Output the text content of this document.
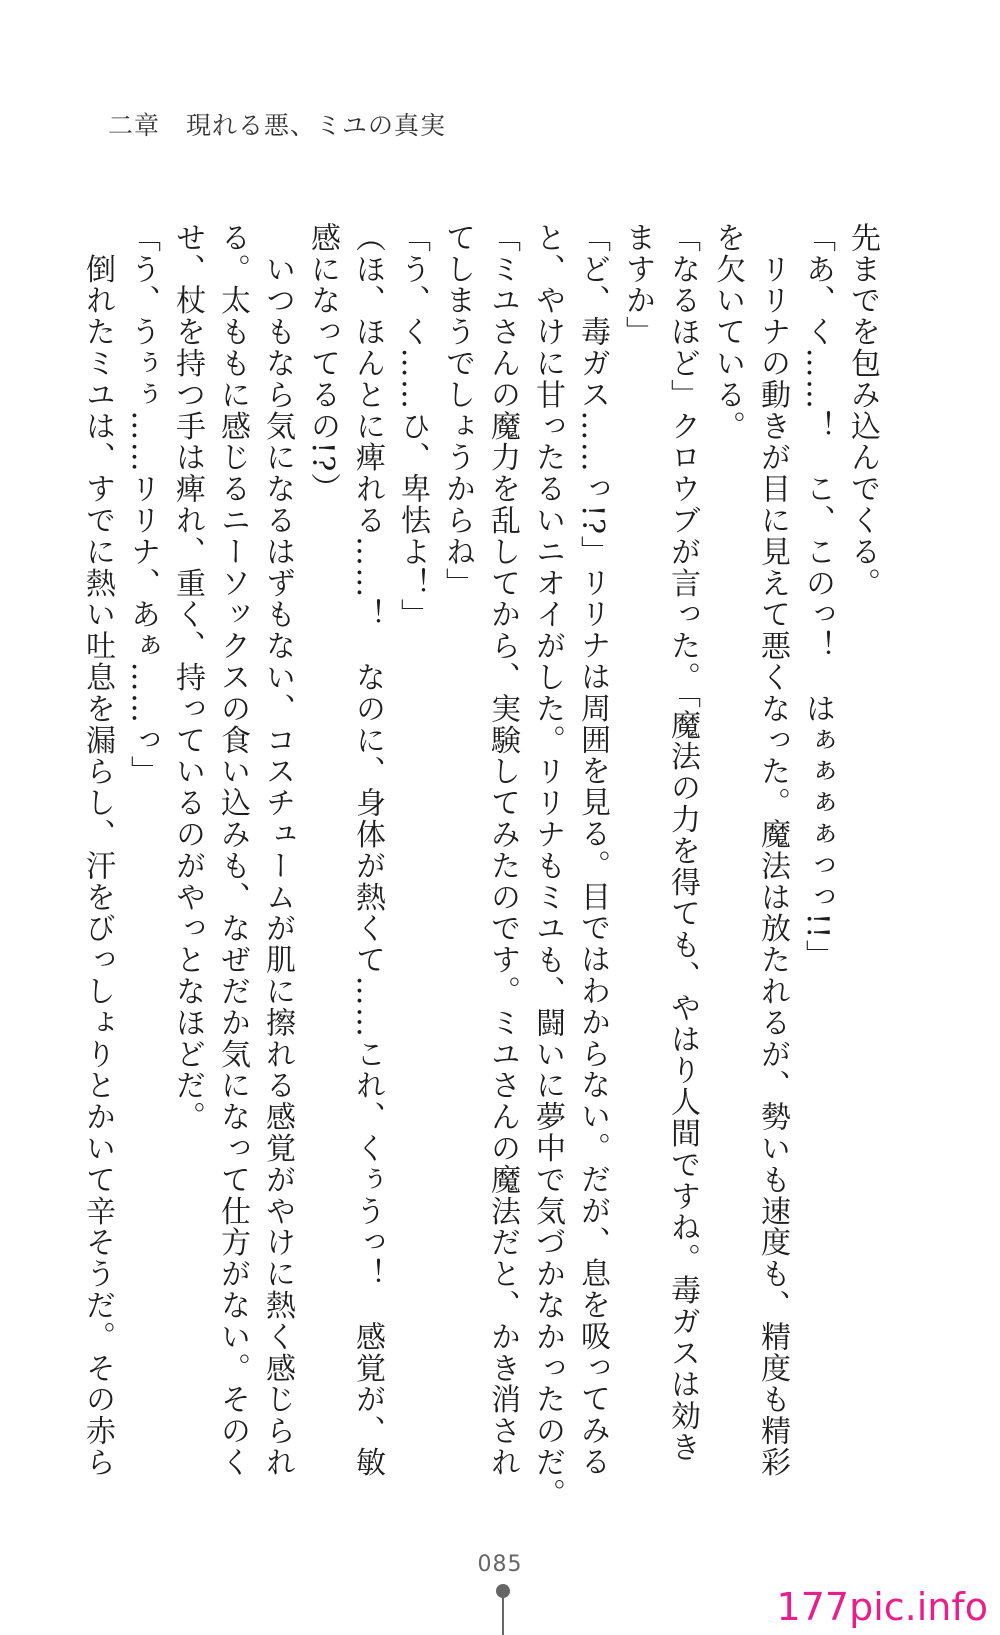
二章　現れる悪、ミユの真実

先までを包み込んでくる。

「あ、く……！　こ、このっ！　はぁぁぁぁっっ!!」

　リリナの動きが目に見えて悪くなった。魔法は放たれるが、勢いも速度も、精度も精彩

を欠いている。

「なるほど」クロウブが言った。「魔法の力を得ても、やはり人間ですね。毒ガスは効き

ますか」

「ど、毒ガス……っ!?」リリナは周囲を見る。目ではわからない。だが、息を吸ってみる

と、やけに甘ったるいニオイがした。リリナもミユも、闘いに夢中で気づかなかったのだ。

「ミユさんの魔力を乱してから、実験してみたのです。ミユさんの魔法だと、かき消され

てしまうでしょうからね」

「う、く……ひ、卑怯よ！」

（ほ、ほんとに痺れる……！　なのに、身体が熱くて……これ、くぅうっ！　感覚が、敏

感になってるの!?）

　いつもなら気になるはずもない、コスチュームが肌に擦れる感覚がやけに熱く感じられ

る。太ももに感じるニーソックスの食い込みも、なぜだか気になって仕方がない。そのく

せ、杖を持つ手は痺れ、重く、持っているのがやっとなほどだ。

「う、うぅぅ……リリナ、あぁ……っ」

　倒れたミユは、すでに熱い吐息を漏らし、汗をびっしょりとかいて辛そうだ。その赤ら

085
177pic.info
